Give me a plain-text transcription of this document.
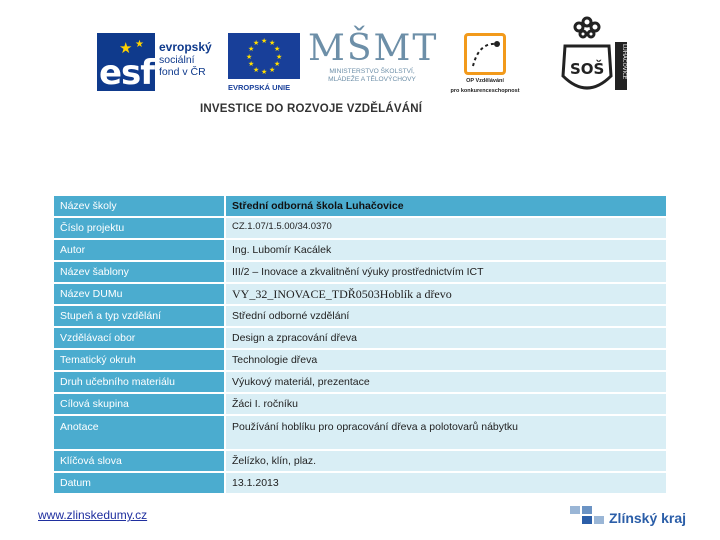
★ ★
esf
evropský
sociální
fond v ČR
★ ★
★
★
★
★
★
★
★
★
★
★
EVROPSKÁ UNIE
MŠMT
MINISTERSTVO ŠKOLSTVÍ,
MLÁDEŽE A TĚLOVÝCHOVY	OP Vzdělávání
pro konkurenceschopnost
SOŠ	LUHAČOVICE
INVESTICE DO ROZVOJE VZDĚLÁVÁNÍ
Název školy	Střední odborná škola Luhačovice
Číslo projektu	CZ.1.07/1.5.00/34.0370
Autor	Ing. Lubomír Kacálek
Název šablony	III/2 – Inovace a zkvalitnění výuky prostřednictvím ICT
Název DUMu	VY_32_INOVACE_TDŘ0503Hoblík a dřevo
Stupeň a typ vzdělání	Střední odborné vzdělání
Vzdělávací obor	Design a zpracování dřeva
Tematický okruh	Technologie dřeva
Druh učebního materiálu	Výukový materiál, prezentace
Cílová skupina	Žáci I. ročníku
Anotace	Používání hoblíku pro opracování dřeva a polotovarů nábytku
Klíčová slova	Želízko, klín, plaz.
Datum	13.1.2013
www.zlinskedumy.cz	Zlínský kraj
